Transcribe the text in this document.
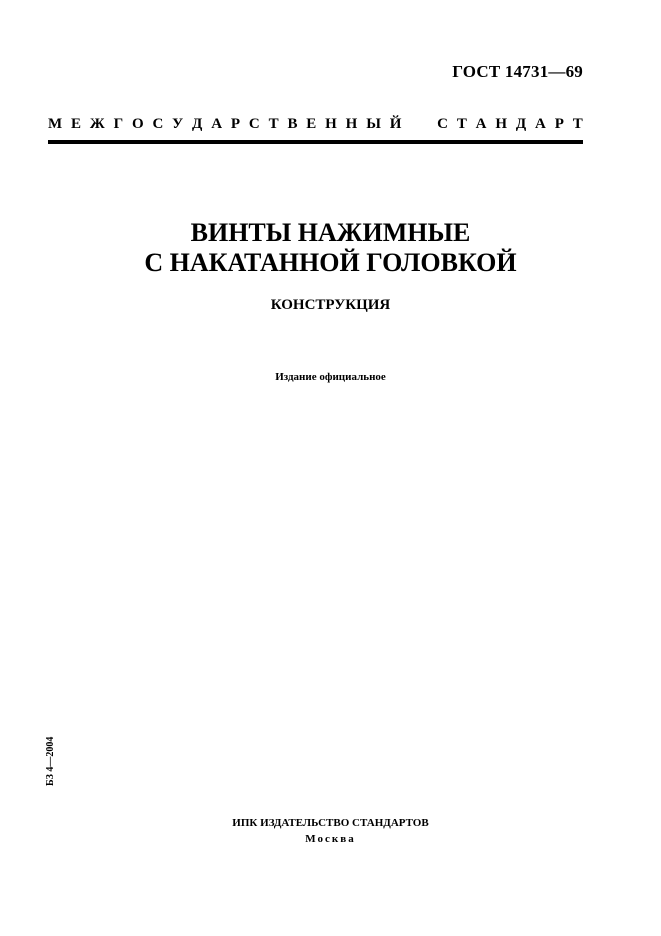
ГОСТ 14731—69
М Е Ж Г О С У Д А Р С Т В Е Н Н Ы Й С Т А Н Д А Р Т
ВИНТЫ НАЖИМНЫЕ
С НАКАТАННОЙ ГОЛОВКОЙ
КОНСТРУКЦИЯ
Издание официальное
БЗ 4—2004
ИПК ИЗДАТЕЛЬСТВО СТАНДАРТОВ
Москва
